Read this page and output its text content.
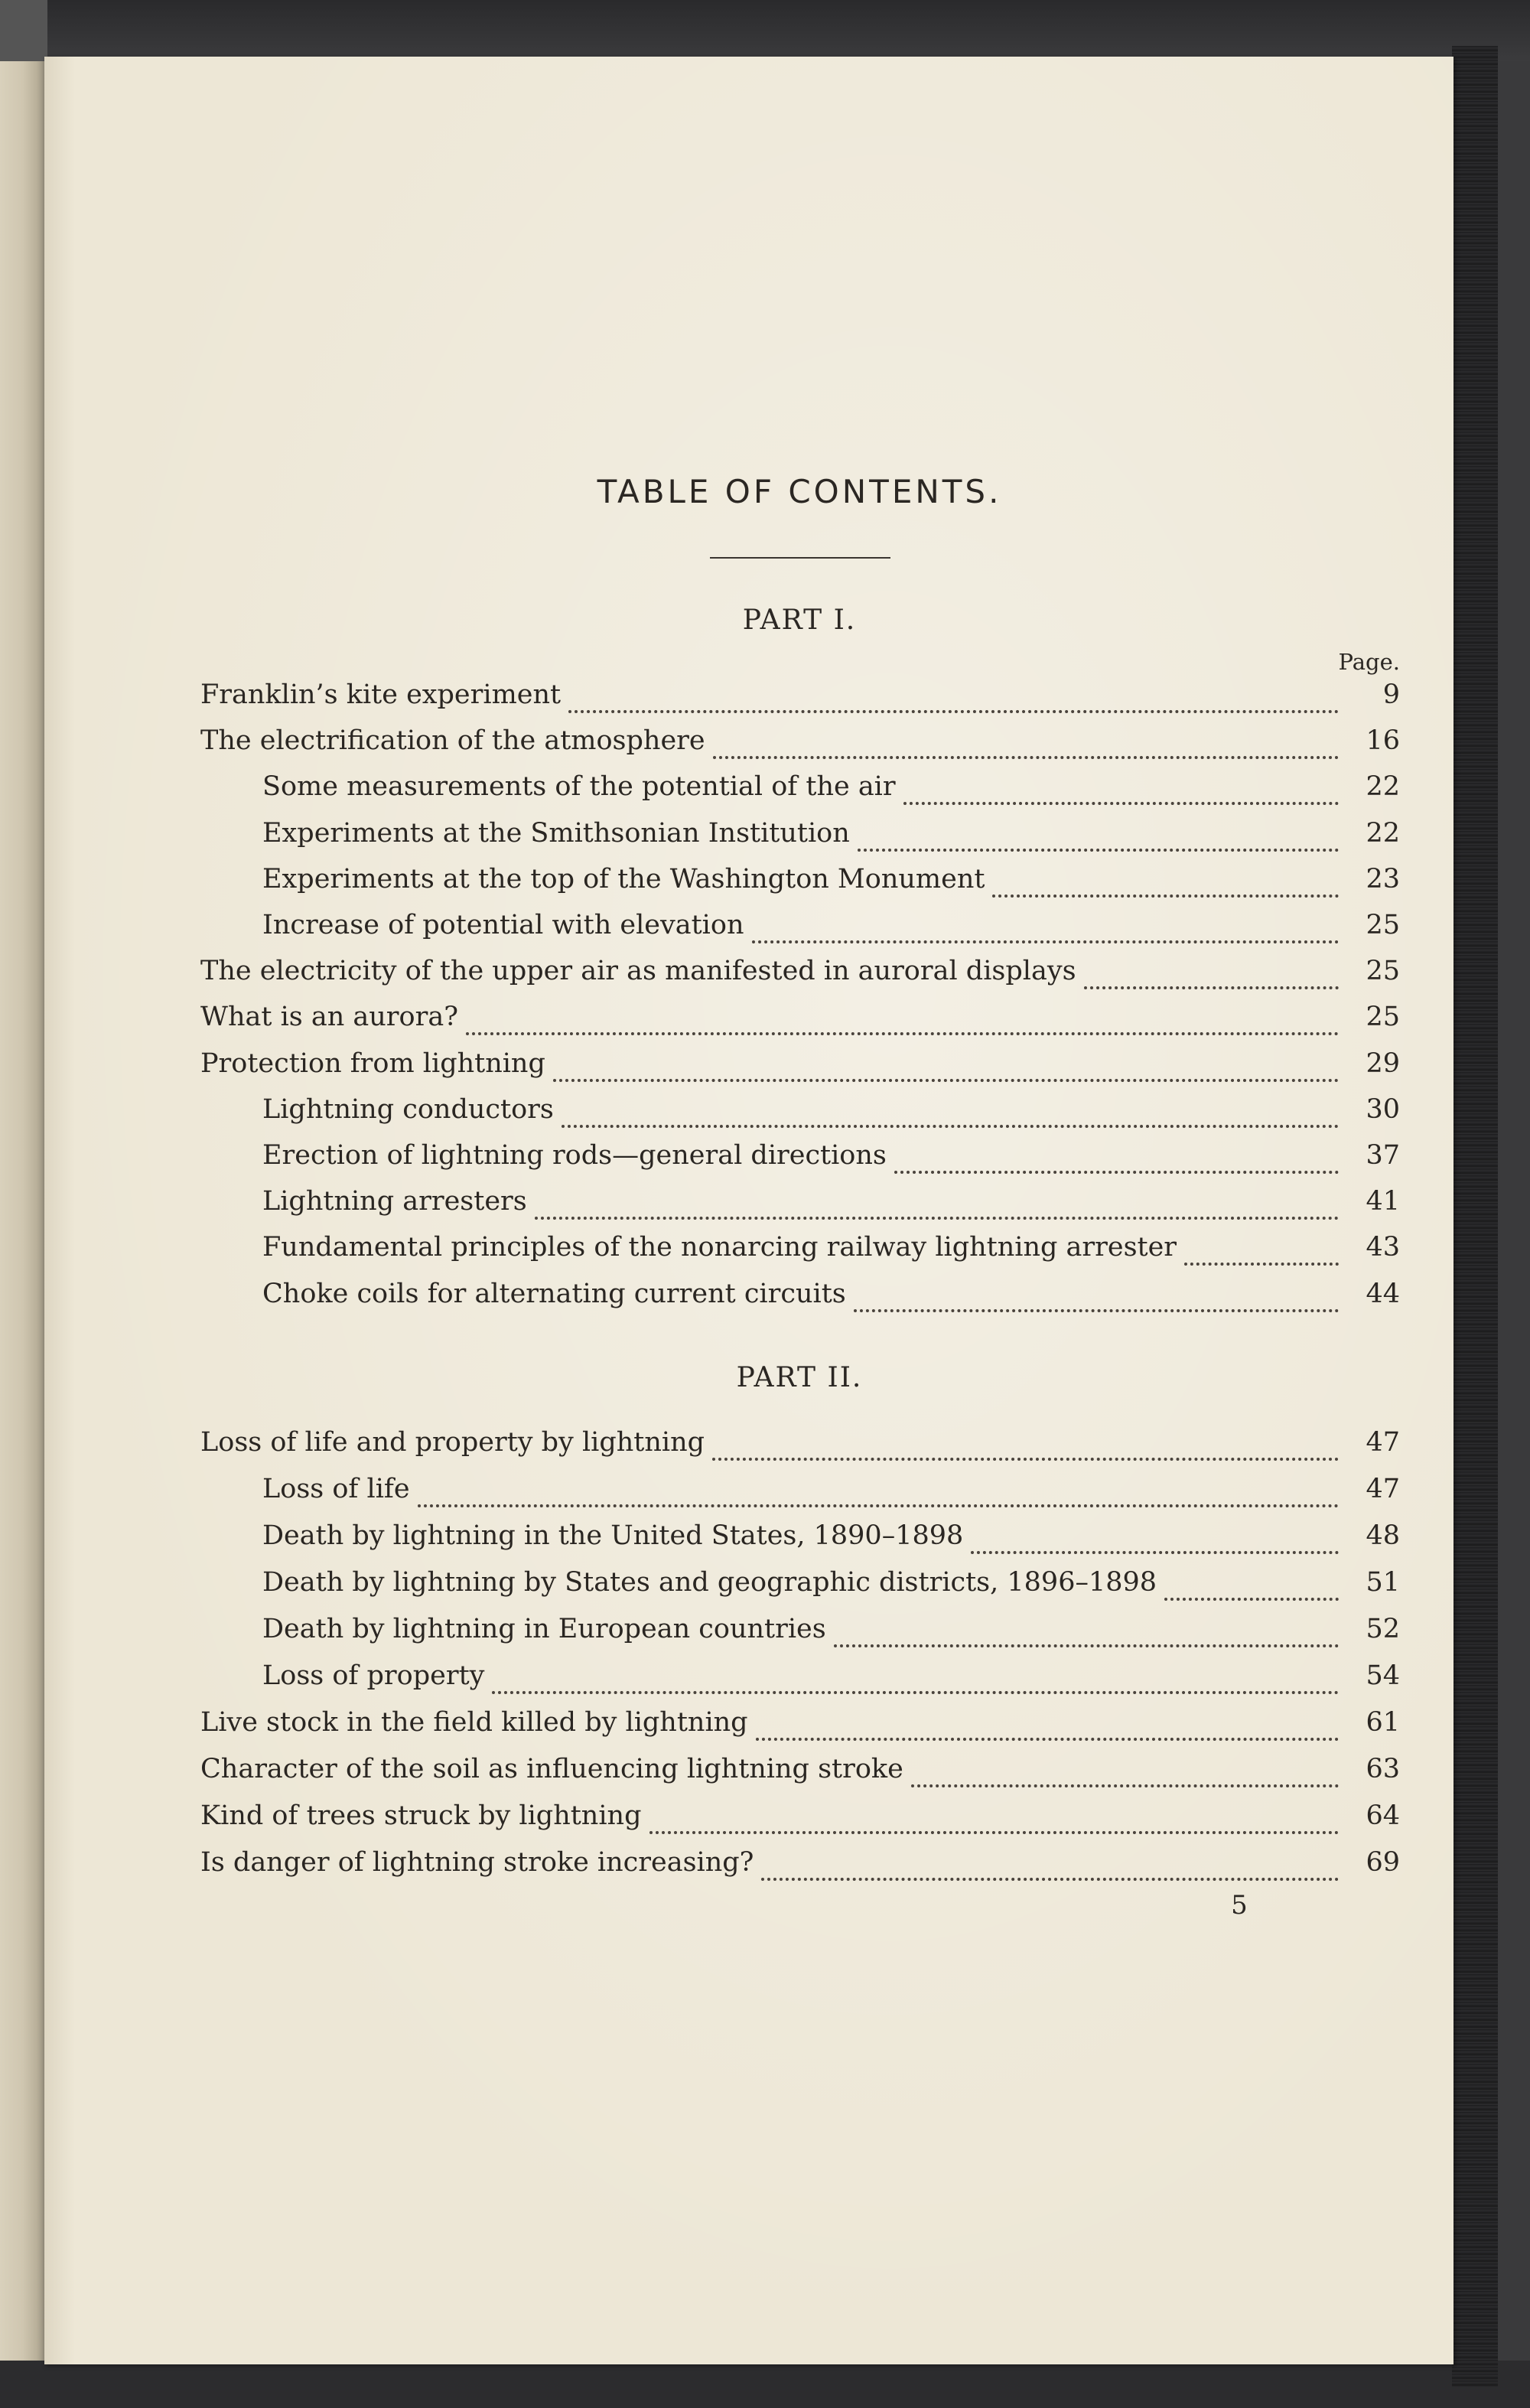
TABLE OF CONTENTS.
PART I.
Page.
Franklin’s kite experiment	9
The electrification of the atmosphere	16
Some measurements of the potential of the air	22
Experiments at the Smithsonian Institution	22
Experiments at the top of the Washington Monument	23
Increase of potential with elevation	25
The electricity of the upper air as manifested in auroral displays	25
What is an aurora?	25
Protection from lightning	29
Lightning conductors	30
Erection of lightning rods—general directions	37
Lightning arresters	41
Fundamental principles of the nonarcing railway lightning arrester	43
Choke coils for alternating current circuits	44
PART II.
Loss of life and property by lightning	47
Loss of life	47
Death by lightning in the United States, 1890–1898	48
Death by lightning by States and geographic districts, 1896–1898	51
Death by lightning in European countries	52
Loss of property	54
Live stock in the field killed by lightning	61
Character of the soil as influencing lightning stroke	63
Kind of trees struck by lightning	64
Is danger of lightning stroke increasing?	69
5
